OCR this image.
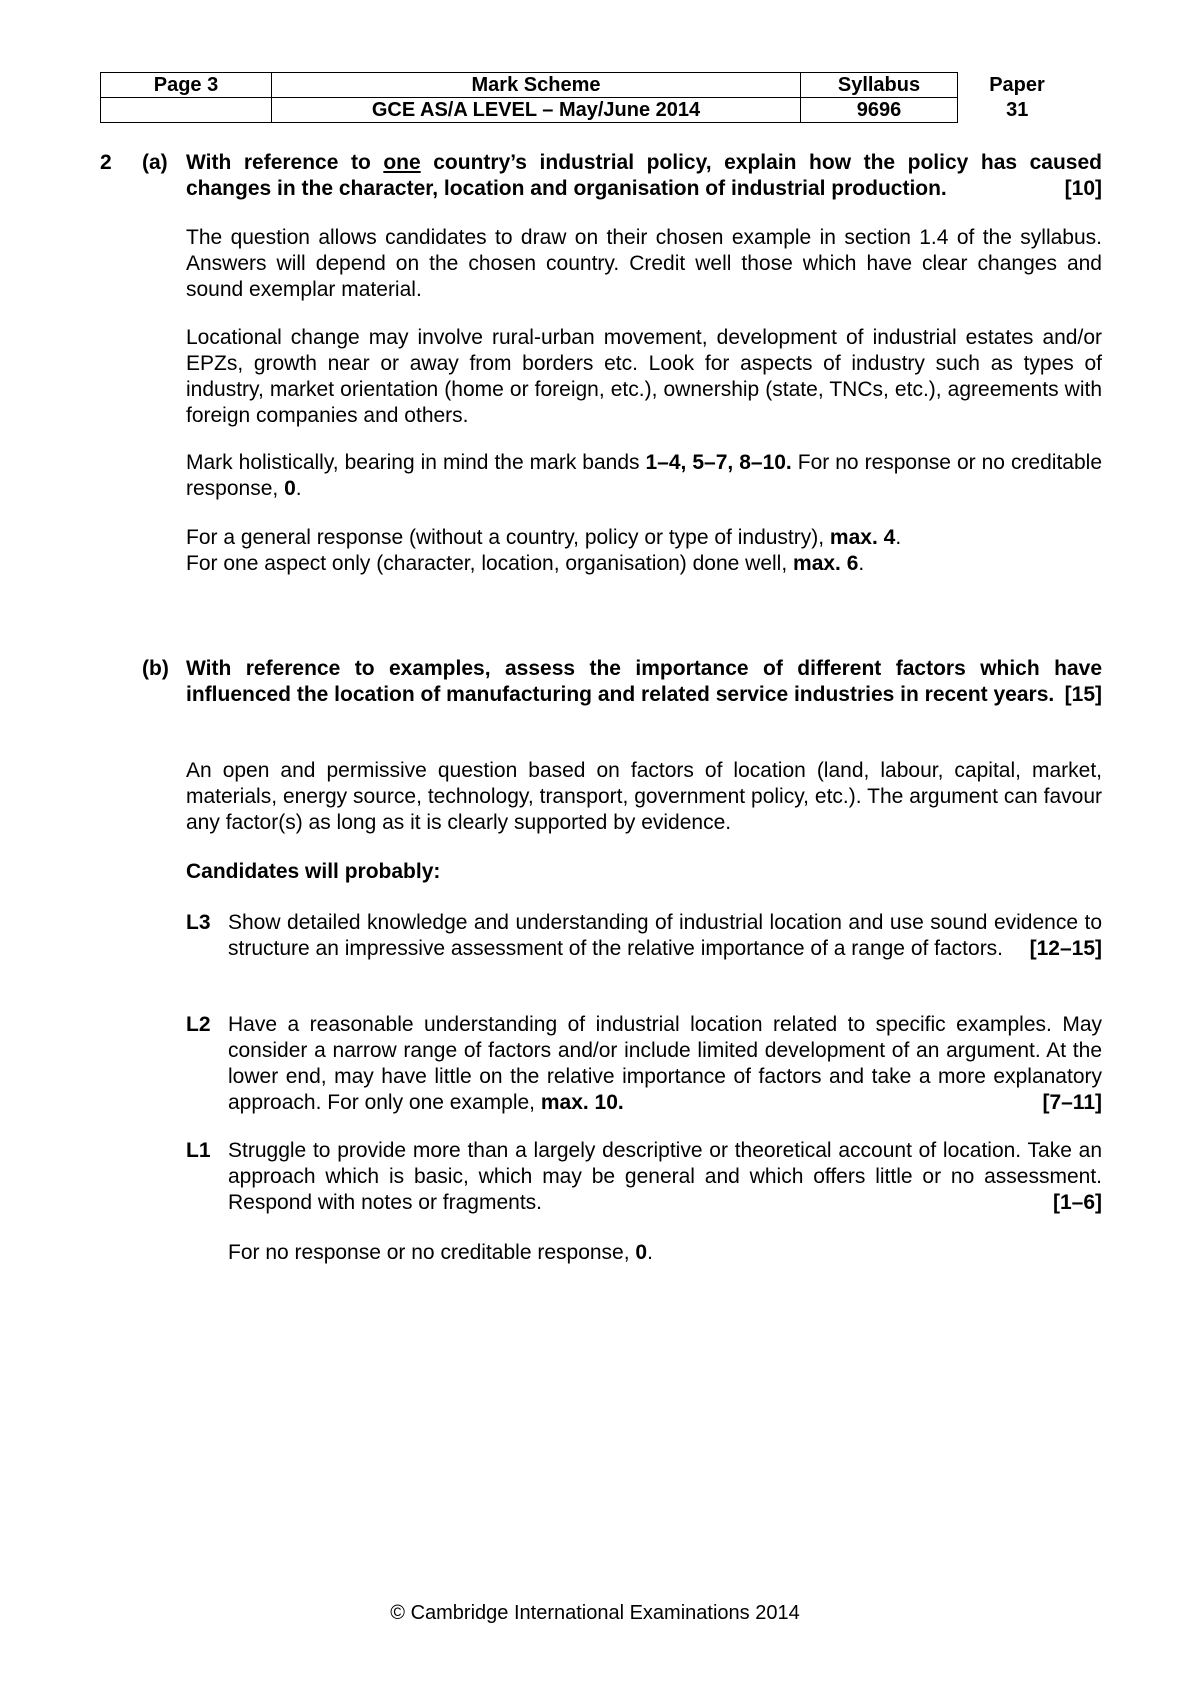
Page 3	Mark Scheme	Syllabus	Paper
	GCE AS/A LEVEL – May/June 2014	9696	31
2 (a) With reference to one country’s industrial policy, explain how the policy has caused changes in the character, location and organisation of industrial production.	[10]

The question allows candidates to draw on their chosen example in section 1.4 of the syllabus. Answers will depend on the chosen country. Credit well those which have clear changes and sound exemplar material.

Locational change may involve rural-urban movement, development of industrial estates and/or EPZs, growth near or away from borders etc. Look for aspects of industry such as types of industry, market orientation (home or foreign, etc.), ownership (state, TNCs, etc.), agreements with foreign companies and others.

Mark holistically, bearing in mind the mark bands 1–4, 5–7, 8–10. For no response or no creditable response, 0.

For a general response (without a country, policy or type of industry), max. 4.

For one aspect only (character, location, organisation) done well, max. 6.

(b) With reference to examples, assess the importance of different factors which have influenced the location of manufacturing and related service industries in recent years. [15]

An open and permissive question based on factors of location (land, labour, capital, market, materials, energy source, technology, transport, government policy, etc.). The argument can favour any factor(s) as long as it is clearly supported by evidence.

Candidates will probably:
L3 Show detailed knowledge and understanding of industrial location and use sound evidence to structure an impressive assessment of the relative importance of a range of factors. [12–15]

L2 Have a reasonable understanding of industrial location related to specific examples. May consider a narrow range of factors and/or include limited development of an argument. At the lower end, may have little on the relative importance of factors and take a more explanatory approach. For only one example, max. 10.	[7–11]

L1 Struggle to provide more than a largely descriptive or theoretical account of location. Take an approach which is basic, which may be general and which offers little or no assessment. Respond with notes or fragments.	[1–6]

For no response or no creditable response, 0.

© Cambridge International Examinations 2014
